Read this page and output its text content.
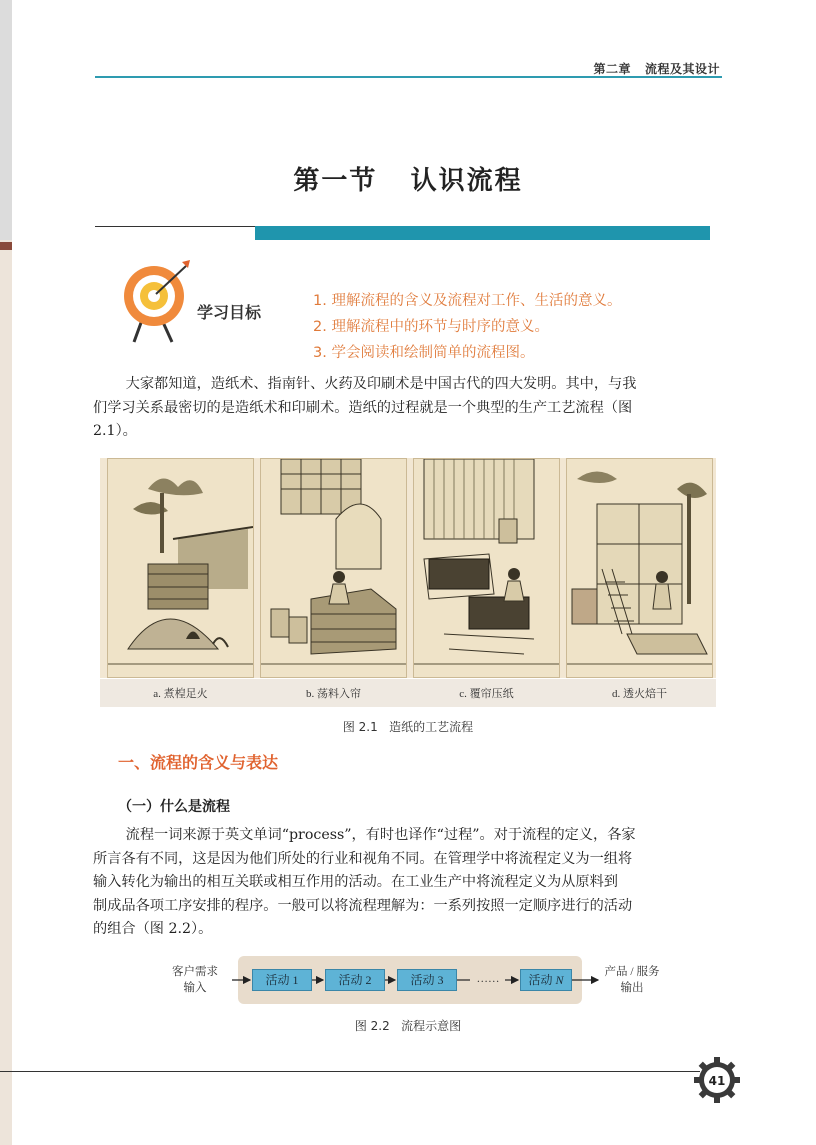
第二章   流程及其设计
第一节   认识流程
学习目标
1. 理解流程的含义及流程对工作、生活的意义。
2. 理解流程中的环节与时序的意义。
3. 学会阅读和绘制简单的流程图。
大家都知道，造纸术、指南针、火药及印刷术是中国古代的四大发明。其中，与我
们学习关系最密切的是造纸术和印刷术。造纸的过程就是一个典型的生产工艺流程（图
2.1）。
a. 煮楻足火	b. 荡料入帘	c. 覆帘压纸	d. 透火焙干
图 2.1   造纸的工艺流程
一、流程的含义与表达
（一）什么是流程
流程一词来源于英文单词“process”，有时也译作“过程”。对于流程的定义，各家
所言各有不同，这是因为他们所处的行业和视角不同。在管理学中将流程定义为一组将
输入转化为输出的相互关联或相互作用的活动。在工业生产中将流程定义为从原料到
制成品各项工序安排的程序。一般可以将流程理解为：一系列按照一定顺序进行的活动
的组合（图 2.2）。
客户需求
输入
活动 1	活动 2	活动 3	……	活动 N
产品 / 服务
输出
图 2.2   流程示意图
41
